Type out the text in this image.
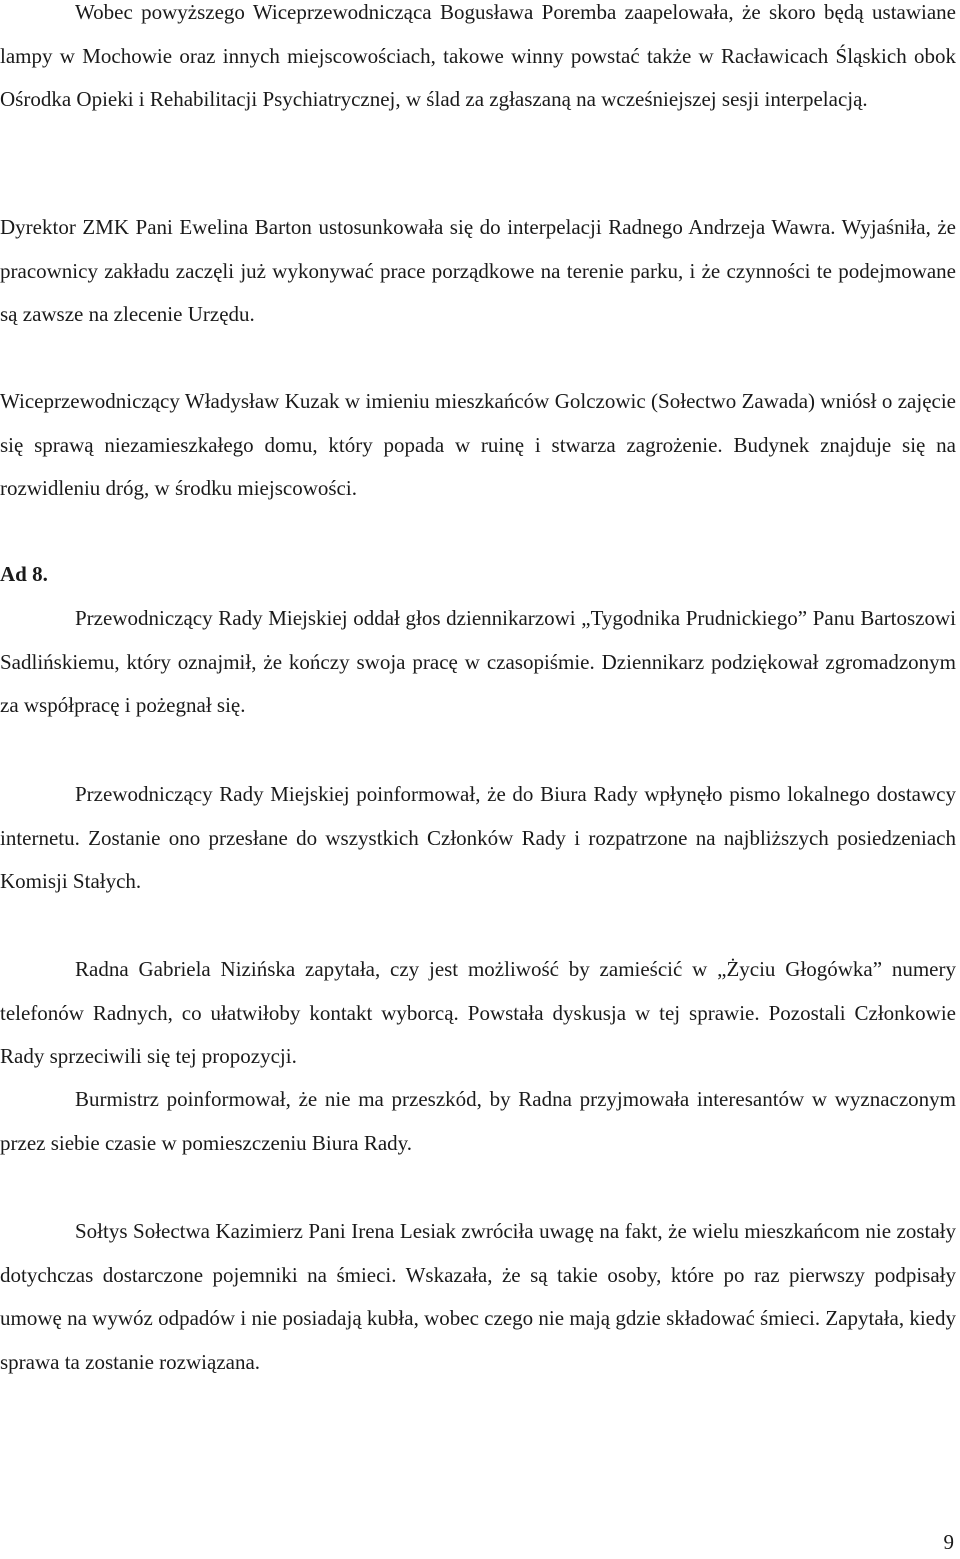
Wobec powyższego Wiceprzewodnicząca Bogusława Poremba zaapelowała, że skoro będą ustawiane lampy w Mochowie oraz innych miejscowościach, takowe winny powstać także w Racławicach Śląskich obok Ośrodka Opieki i Rehabilitacji Psychiatrycznej, w ślad za zgłaszaną na wcześniejszej sesji interpelacją.

Dyrektor ZMK Pani Ewelina Barton ustosunkowała się do interpelacji Radnego Andrzeja Wawra. Wyjaśniła, że pracownicy zakładu zaczęli już wykonywać prace porządkowe na terenie parku, i że czynności te podejmowane są zawsze na zlecenie Urzędu.

Wiceprzewodniczący Władysław Kuzak w imieniu mieszkańców Golczowic (Sołectwo Zawada) wniósł o zajęcie się sprawą niezamieszkałego domu, który popada w ruinę i stwarza zagrożenie. Budynek znajduje się na rozwidleniu dróg, w środku miejscowości.

Ad 8.

Przewodniczący Rady Miejskiej oddał głos dziennikarzowi „Tygodnika Prudnickiego” Panu Bartoszowi Sadlińskiemu, który oznajmił, że kończy swoja pracę w czasopiśmie. Dziennikarz podziękował zgromadzonym za współpracę i pożegnał się.

Przewodniczący Rady Miejskiej poinformował, że do Biura Rady wpłynęło pismo lokalnego dostawcy internetu. Zostanie ono przesłane do wszystkich Członków Rady i rozpatrzone na najbliższych posiedzeniach Komisji Stałych.

Radna Gabriela Nizińska zapytała, czy jest możliwość by zamieścić w „Życiu Głogówka” numery telefonów Radnych, co ułatwiłoby kontakt wyborcą. Powstała dyskusja w tej sprawie. Pozostali Członkowie Rady sprzeciwili się tej propozycji.

Burmistrz poinformował, że nie ma przeszkód, by Radna przyjmowała interesantów w wyznaczonym przez siebie czasie w pomieszczeniu Biura Rady.

Sołtys Sołectwa Kazimierz Pani Irena Lesiak zwróciła uwagę na fakt, że wielu mieszkańcom nie zostały dotychczas dostarczone pojemniki na śmieci. Wskazała, że są takie osoby, które po raz pierwszy podpisały umowę na wywóz odpadów i nie posiadają kubła, wobec czego nie mają gdzie składować śmieci. Zapytała, kiedy sprawa ta zostanie rozwiązana.

9
